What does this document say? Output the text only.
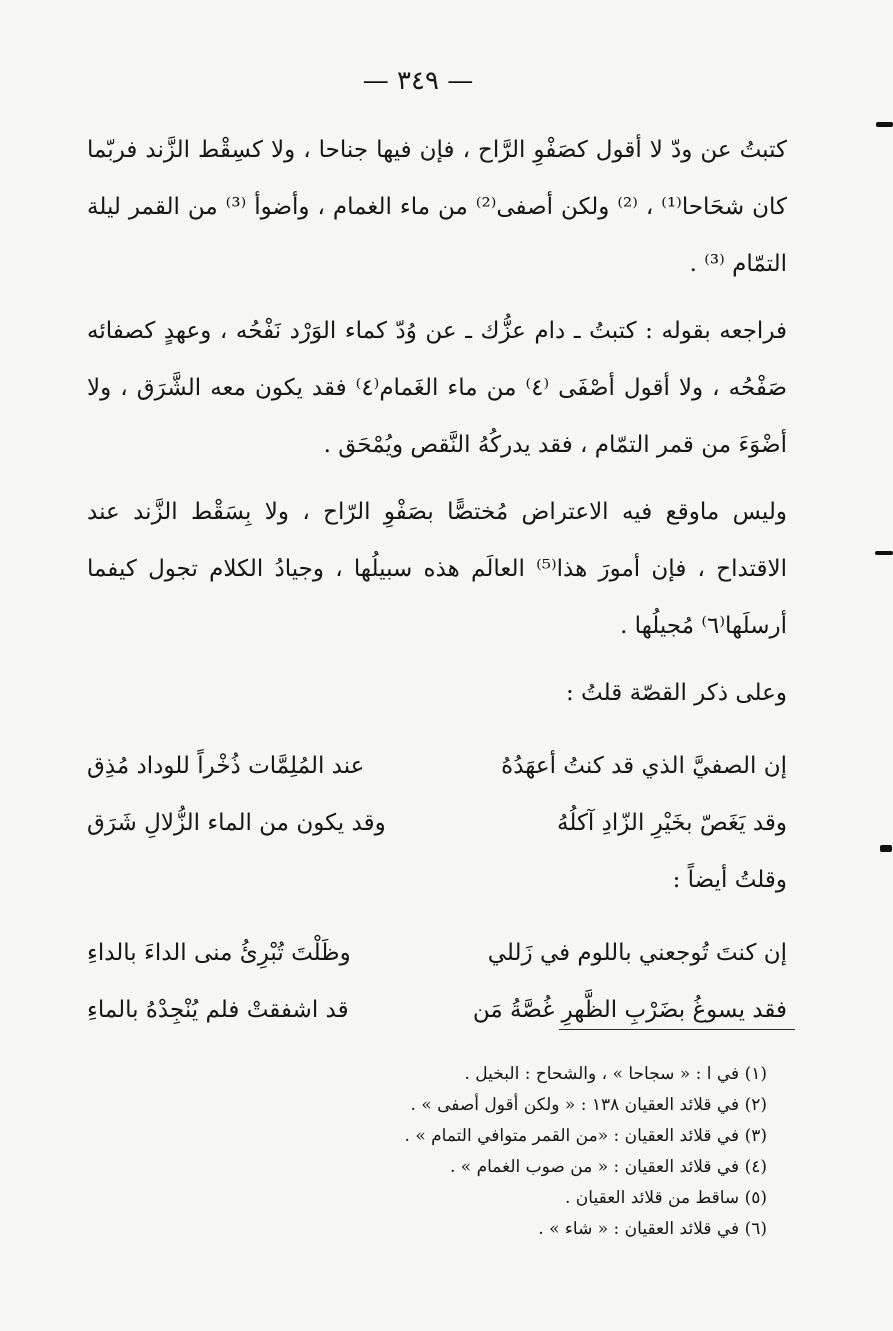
— ٣٤٩ —

كتبتُ عن ودّ لا أقول كصَفْوِ الرَّاح ، فإن فيها جناحا ، ولا كسِقْط الزَّند فربّما كان شحَاحا⁽¹⁾ ، ⁽²⁾ ولكن أصفى⁽²⁾ من ماء الغمام ، وأضوأ ⁽³⁾ من القمر ليلة التمّام ⁽³⁾ .

فراجعه بقوله : كتبتُ ـ دام عزُّك ـ عن وُدّ كماء الوَرْد نَفْحُه ، وعهدٍ كصفائه صَفْحُه ، ولا أقول أصْفَى ⁽٤⁾ من ماء الغَمام⁽٤⁾ فقد يكون معه الشَّرَق ، ولا أضْوَءَ من قمر التمّام ، فقد يدركُهُ النَّقص ويُمْحَق .

وليس ماوقع فيه الاعتراض مُختصًّا بصَفْوِ الرّاح ، ولا بِسَقْط الزَّند عند الاقتداح ، فإن أمورَ هذا⁽⁵⁾ العالَم هذه سبيلُها ، وجيادُ الكلام تجول كيفما أرسلَها⁽٦⁾ مُجيلُها .

وعلى ذكر القصّة قلتُ :

إن الصفيَّ الذي قد كنتُ أعهَدُهُ
عند المُلِمَّات ذُخْراً للوداد مُذِق
وقد يَغَصّ بخَيْرِ الزّادِ آكلُهُ
وقد يكون من الماء الزُّلالِ شَرَق

وقلتُ أيضاً :

إن كنتَ تُوجعني باللوم في زَللي
وظَلْتَ تُبْرِئُ منى الداءَ بالداءِ
فقد يسوغُ بضَرْبِ الظَّهرِ غُصَّةُ مَن
قد اشفقتْ فلم يُنْجِدْهُ بالماءِ
(١) في ا : « سجاحا » ، والشحاح : البخيل .
(٢) في قلائد العقيان ١٣٨ : « ولكن أقول أصفى » .
(٣) في قلائد العقيان : «من القمر متوافي التمام » .
(٤) في قلائد العقيان : « من صوب الغمام » .
(٥) ساقط من قلائد العقيان .
(٦) في قلائد العقيان : « شاء » .
